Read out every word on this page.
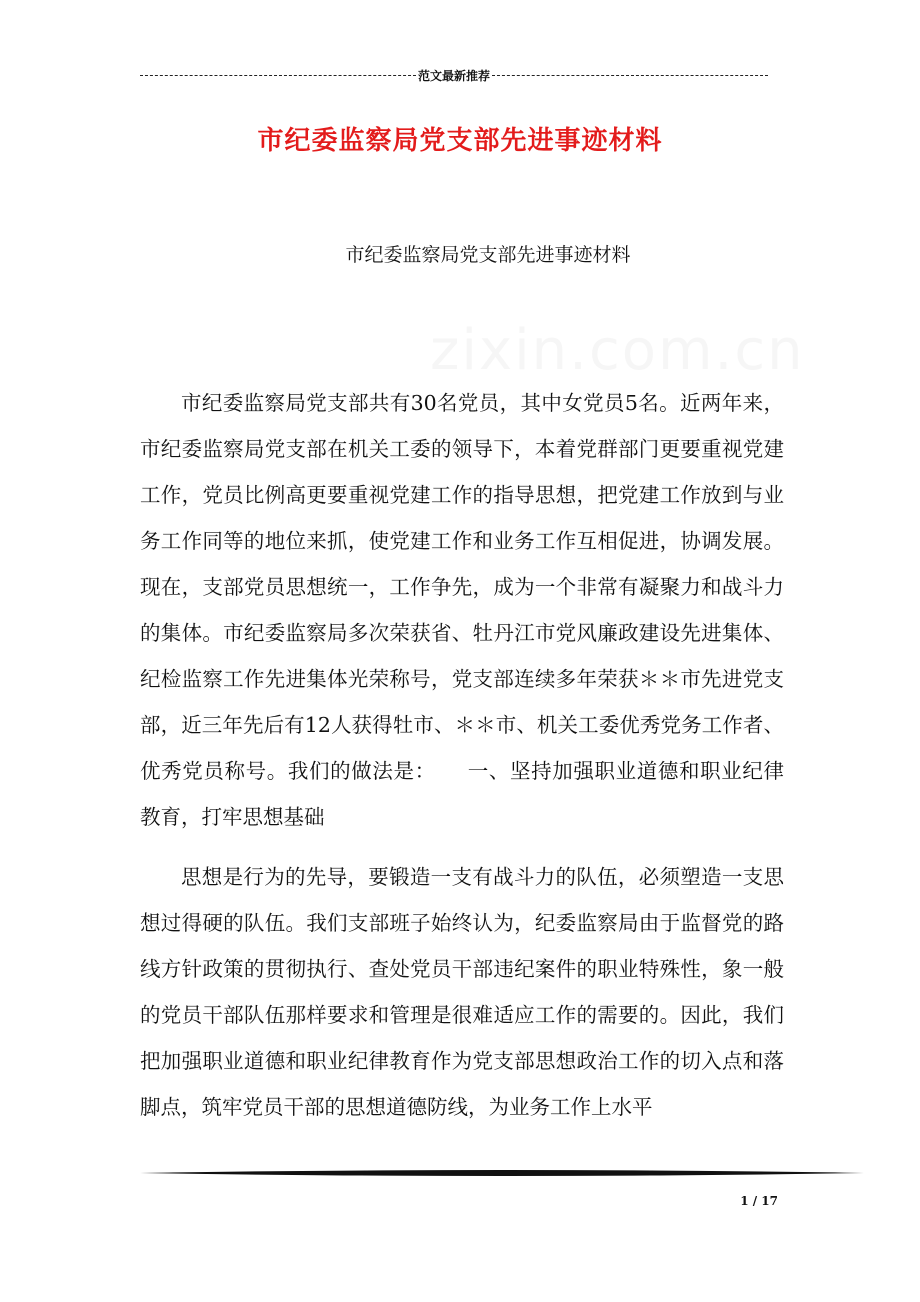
范文最新推荐
zixin.com.cn
市纪委监察局党支部先进事迹材料
市纪委监察局党支部先进事迹材料

市纪委监察局党支部共有30名党员，其中女党员5名。近两年来，市纪委监察局党支部在机关工委的领导下，本着党群部门更要重视党建工作，党员比例高更要重视党建工作的指导思想，把党建工作放到与业务工作同等的地位来抓，使党建工作和业务工作互相促进，协调发展。现在，支部党员思想统一，工作争先，成为一个非常有凝聚力和战斗力的集体。市纪委监察局多次荣获省、牡丹江市党风廉政建设先进集体、纪检监察工作先进集体光荣称号，党支部连续多年荣获＊＊市先进党支部，近三年先后有12人获得牡市、＊＊市、机关工委优秀党务工作者、优秀党员称号。我们的做法是：　　一、坚持加强职业道德和职业纪律教育，打牢思想基础

思想是行为的先导，要锻造一支有战斗力的队伍，必须塑造一支思想过得硬的队伍。我们支部班子始终认为，纪委监察局由于监督党的路线方针政策的贯彻执行、查处党员干部违纪案件的职业特殊性，象一般的党员干部队伍那样要求和管理是很难适应工作的需要的。因此，我们把加强职业道德和职业纪律教育作为党支部思想政治工作的切入点和落脚点，筑牢党员干部的思想道德防线，为业务工作上水平

1 / 17
